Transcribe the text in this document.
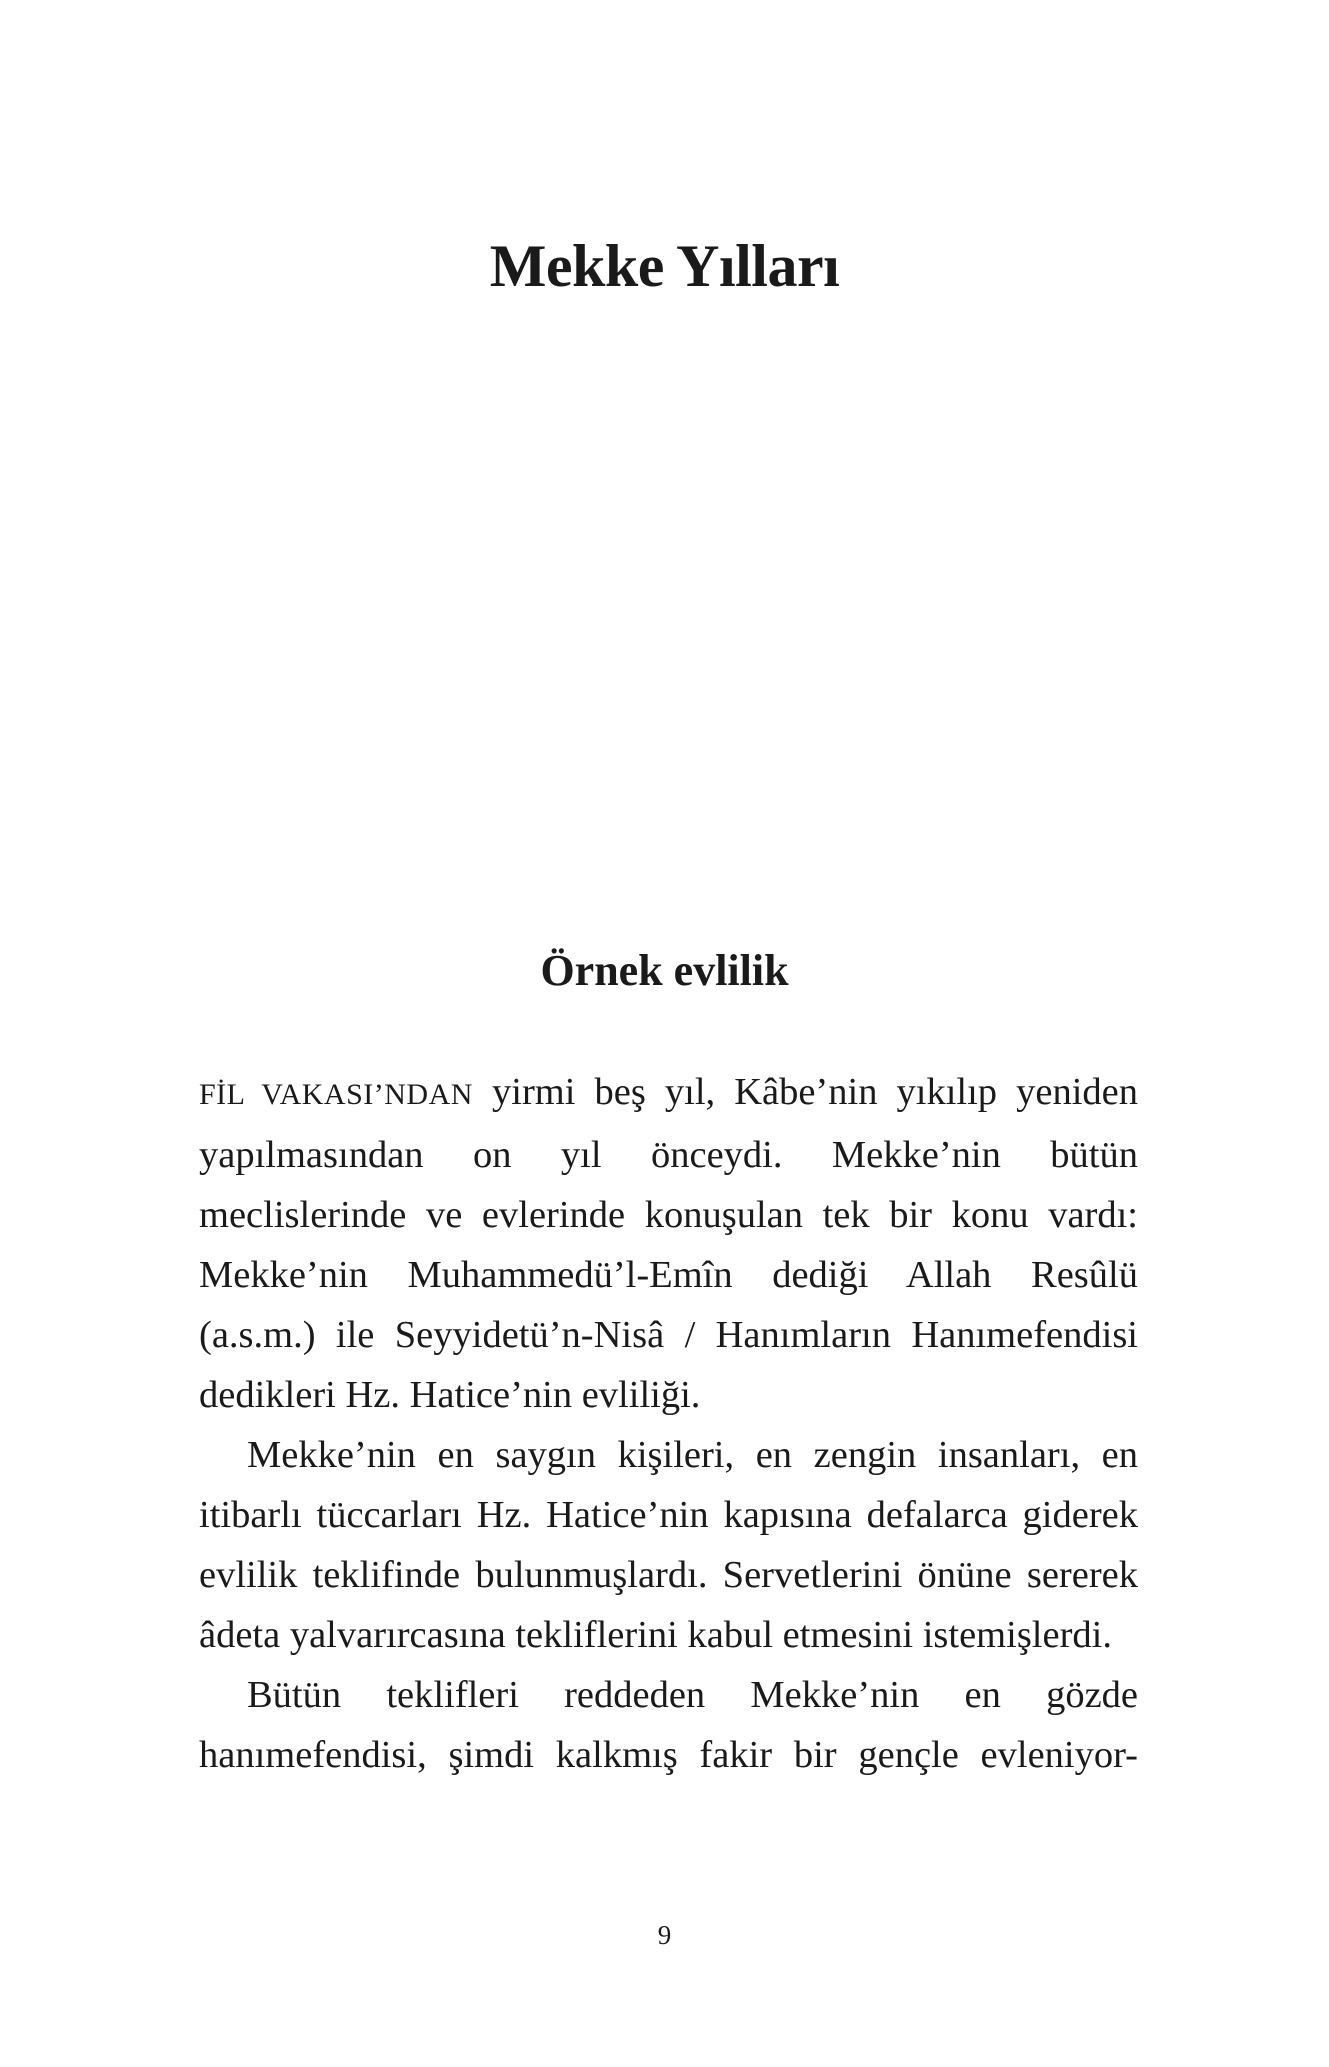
Mekke Yılları
Örnek evlilik

FİL VAKASI’NDAN yirmi beş yıl, Kâbe’nin yıkılıp yeniden yapılmasından on yıl önceydi. Mekke’nin bütün meclislerinde ve evlerinde konuşulan tek bir konu vardı: Mekke’nin Muhammedü’l-Emîn dediği Allah Resûlü (a.s.m.) ile Seyyidetü’n-Nisâ / Hanımların Hanımefendisi dedikleri Hz. Hatice’nin evliliği.

Mekke’nin en saygın kişileri, en zengin insanları, en itibarlı tüccarları Hz. Hatice’nin kapısına defalarca giderek evlilik teklifinde bulunmuşlardı. Servetlerini önüne sererek âdeta yalvarırcasına tekliflerini kabul etmesini istemişlerdi.

Bütün teklifleri reddeden Mekke’nin en gözde hanımefendisi, şimdi kalkmış fakir bir gençle evleniyor-

9
